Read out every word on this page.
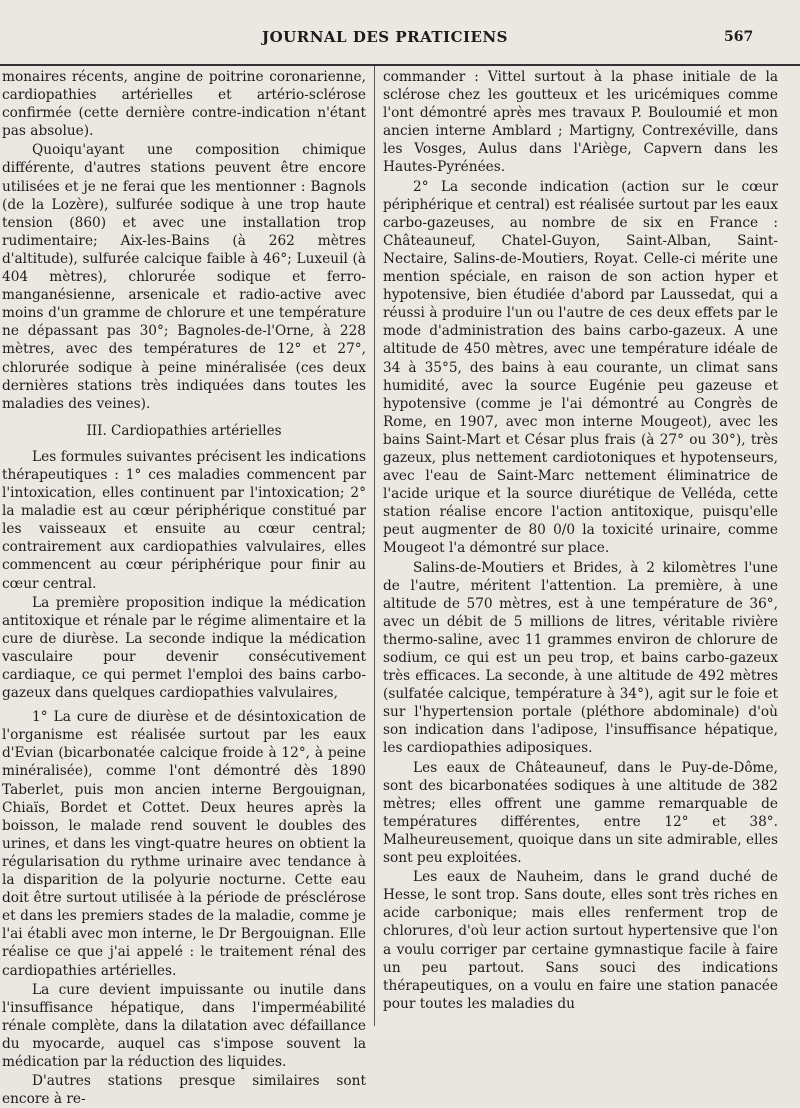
JOURNAL DES PRATICIENS	567

monaires récents, angine de poitrine coronarienne, cardiopathies artérielles et artério-sclérose confirmée (cette dernière contre-indication n'étant pas absolue).

Quoiqu'ayant une composition chimique différente, d'autres stations peuvent être encore utilisées et je ne ferai que les mentionner : Bagnols (de la Lozère), sulfurée sodique à une trop haute tension (860) et avec une installation trop rudimentaire; Aix-les-Bains (à 262 mètres d'altitude), sulfurée calcique faible à 46°; Luxeuil (à 404 mètres), chlorurée sodique et ferro-manganésienne, arsenicale et radio-active avec moins d'un gramme de chlorure et une température ne dépassant pas 30°; Bagnoles-de-l'Orne, à 228 mètres, avec des températures de 12° et 27°, chlorurée sodique à peine minéralisée (ces deux dernières stations très indiquées dans toutes les maladies des veines).

III. Cardiopathies artérielles

Les formules suivantes précisent les indications thérapeutiques : 1° ces maladies commencent par l'intoxication, elles continuent par l'intoxication; 2° la maladie est au cœur périphérique constitué par les vaisseaux et ensuite au cœur central; contrairement aux cardiopathies valvulaires, elles commencent au cœur périphérique pour finir au cœur central.

La première proposition indique la médication antitoxique et rénale par le régime alimentaire et la cure de diurèse. La seconde indique la médication vasculaire pour devenir consécutivement cardiaque, ce qui permet l'emploi des bains carbo-gazeux dans quelques cardiopathies valvulaires,

1° La cure de diurèse et de désintoxication de l'organisme est réalisée surtout par les eaux d'Evian (bicarbonatée calcique froide à 12°, à peine minéralisée), comme l'ont démontré dès 1890 Taberlet, puis mon ancien interne Bergouignan, Chiaïs, Bordet et Cottet. Deux heures après la boisson, le malade rend souvent le doubles des urines, et dans les vingt-quatre heures on obtient la régularisation du rythme urinaire avec tendance à la disparition de la polyurie nocturne. Cette eau doit être surtout utilisée à la période de présclérose et dans les premiers stades de la maladie, comme je l'ai établi avec mon interne, le Dr Bergouignan. Elle réalise ce que j'ai appelé : le traitement rénal des cardiopathies artérielles.

La cure devient impuissante ou inutile dans l'insuffisance hépatique, dans l'imperméabilité rénale complète, dans la dilatation avec défaillance du myocarde, auquel cas s'impose souvent la médication par la réduction des liquides.

D'autres stations presque similaires sont encore à re-

commander : Vittel surtout à la phase initiale de la sclérose chez les goutteux et les uricémiques comme l'ont démontré après mes travaux P. Bouloumié et mon ancien interne Amblard ; Martigny, Contrexéville, dans les Vosges, Aulus dans l'Ariège, Capvern dans les Hautes-Pyrénées.

2° La seconde indication (action sur le cœur périphérique et central) est réalisée surtout par les eaux carbo-gazeuses, au nombre de six en France : Châteauneuf, Chatel-Guyon, Saint-Alban, Saint-Nectaire, Salins-de-Moutiers, Royat. Celle-ci mérite une mention spéciale, en raison de son action hyper et hypotensive, bien étudiée d'abord par Laussedat, qui a réussi à produire l'un ou l'autre de ces deux effets par le mode d'administration des bains carbo-gazeux. A une altitude de 450 mètres, avec une température idéale de 34 à 35°5, des bains à eau courante, un climat sans humidité, avec la source Eugénie peu gazeuse et hypotensive (comme je l'ai démontré au Congrès de Rome, en 1907, avec mon interne Mougeot), avec les bains Saint-Mart et César plus frais (à 27° ou 30°), très gazeux, plus nettement cardiotoniques et hypotenseurs, avec l'eau de Saint-Marc nettement éliminatrice de l'acide urique et la source diurétique de Velléda, cette station réalise encore l'action antitoxique, puisqu'elle peut augmenter de 80 0/0 la toxicité urinaire, comme Mougeot l'a démontré sur place.

Salins-de-Moutiers et Brides, à 2 kilomètres l'une de l'autre, méritent l'attention. La première, à une altitude de 570 mètres, est à une température de 36°, avec un débit de 5 millions de litres, véritable rivière thermo-saline, avec 11 grammes environ de chlorure de sodium, ce qui est un peu trop, et bains carbo-gazeux très efficaces. La seconde, à une altitude de 492 mètres (sulfatée calcique, température à 34°), agit sur le foie et sur l'hypertension portale (pléthore abdominale) d'où son indication dans l'adipose, l'insuffisance hépatique, les cardiopathies adiposiques.

Les eaux de Châteauneuf, dans le Puy-de-Dôme, sont des bicarbonatées sodiques à une altitude de 382 mètres; elles offrent une gamme remarquable de températures différentes, entre 12° et 38°. Malheureusement, quoique dans un site admirable, elles sont peu exploitées.

Les eaux de Nauheim, dans le grand duché de Hesse, le sont trop. Sans doute, elles sont très riches en acide carbonique; mais elles renferment trop de chlorures, d'où leur action surtout hypertensive que l'on a voulu corriger par certaine gymnastique facile à faire un peu partout. Sans souci des indications thérapeutiques, on a voulu en faire une station panacée pour toutes les maladies du
